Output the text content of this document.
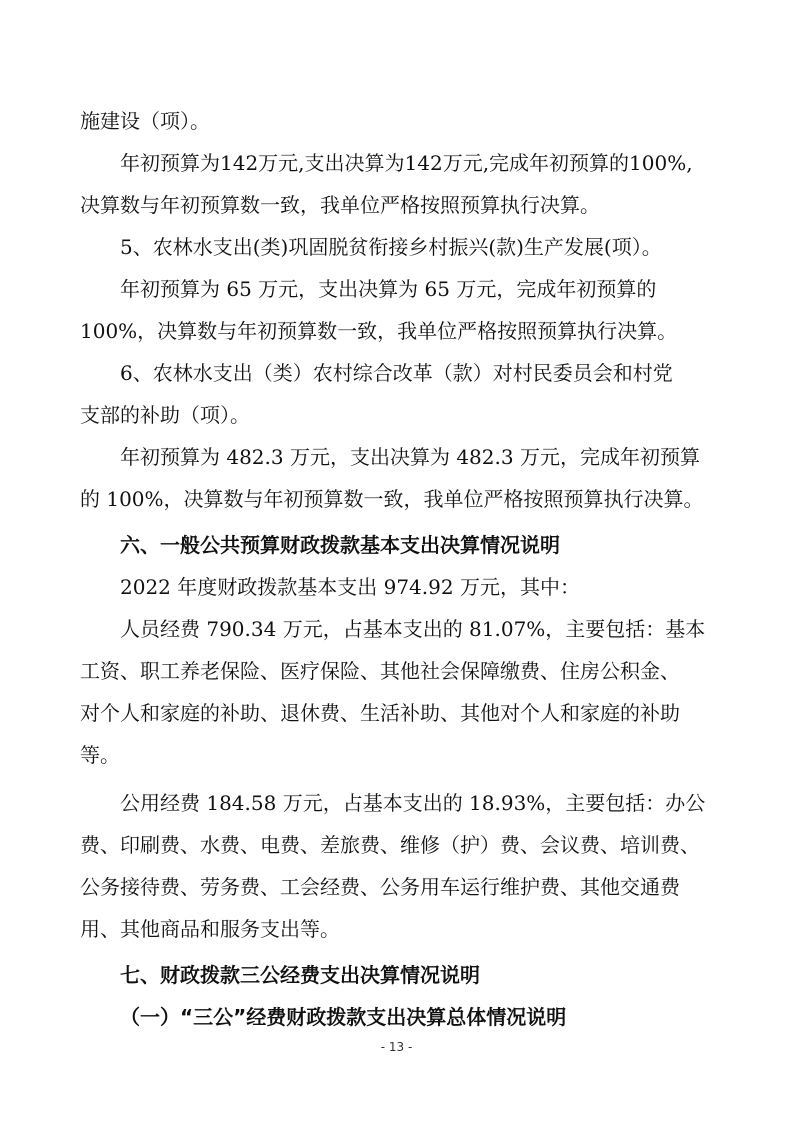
施建设（项）。
年初预算为142万元,支出决算为142万元,完成年初预算的100%,
决算数与年初预算数一致，我单位严格按照预算执行决算。
5、农林水支出(类)巩固脱贫衔接乡村振兴(款)生产发展(项）。
年初预算为 65 万元，支出决算为 65 万元，完成年初预算的
100%，决算数与年初预算数一致，我单位严格按照预算执行决算。
6、农林水支出（类）农村综合改革（款）对村民委员会和村党
支部的补助（项）。
年初预算为 482.3 万元，支出决算为 482.3 万元，完成年初预算
的 100%，决算数与年初预算数一致，我单位严格按照预算执行决算。
六、一般公共预算财政拨款基本支出决算情况说明
2022 年度财政拨款基本支出 974.92 万元，其中：
人员经费 790.34 万元，占基本支出的 81.07%，主要包括：基本
工资、职工养老保险、医疗保险、其他社会保障缴费、住房公积金、
对个人和家庭的补助、退休费、生活补助、其他对个人和家庭的补助
等。
公用经费 184.58 万元，占基本支出的 18.93%，主要包括：办公
费、印刷费、水费、电费、差旅费、维修（护）费、会议费、培训费、
公务接待费、劳务费、工会经费、公务用车运行维护费、其他交通费
用、其他商品和服务支出等。
七、财政拨款三公经费支出决算情况说明
（一）“三公”经费财政拨款支出决算总体情况说明
- 13 -
